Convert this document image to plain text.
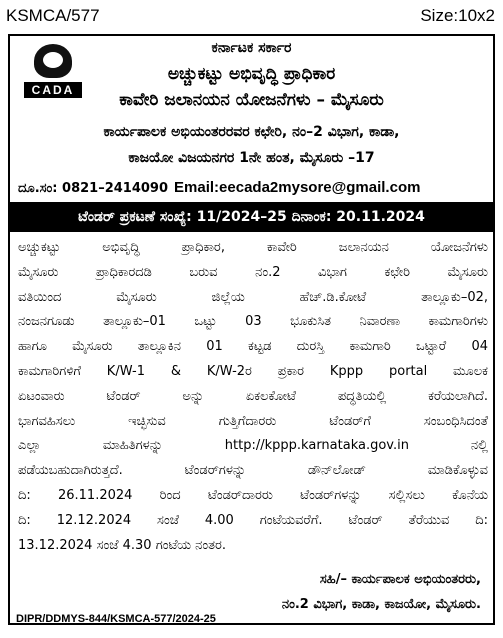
KSMCA/577	Size:10x2
CADA
ಕರ್ನಾಟಕ ಸರ್ಕಾರ
ಅಚ್ಚುಕಟ್ಟು ಅಭಿವೃದ್ಧಿ ಪ್ರಾಧಿಕಾರ
ಕಾವೇರಿ ಜಲಾನಯನ ಯೋಜನೆಗಳು – ಮೈಸೂರು
ಕಾರ್ಯಪಾಲಕ ಅಭಿಯಂತರರವರ ಕಛೇರಿ, ನಂ–2 ವಿಭಾಗ, ಕಾಡಾ,
ಕಾಜಯೋ ವಿಜಯನಗರ 1ನೇ ಹಂತ, ಮೈಸೂರು –17
ದೂ.ಸಂ: 0821–2414090 Email:eecada2mysore@gmail.com
ಟೆಂಡರ್ ಪ್ರಕಟಣೆ ಸಂಖ್ಯೆ: 11/2024–25 ದಿನಾಂಕ: 20.11.2024
ಅಚ್ಚುಕಟ್ಟು ಅಭಿವೃದ್ಧಿ ಪ್ರಾಧಿಕಾರ, ಕಾವೇರಿ ಜಲಾನಯನ ಯೋಜನೆಗಳು
ಮೈಸೂರು ಪ್ರಾಧಿಕಾರದಡಿ ಬರುವ ನಂ.2 ವಿಭಾಗ ಕಛೇರಿ ಮೈಸೂರು
ವತಿಯಿಂದ ಮೈಸೂರು ಜಿಲ್ಲೆಯ ಹೆಚ್.ಡಿ.ಕೋಟೆ ತಾಲ್ಲೂಕು–02,
ನಂಜನಗೂಡು ತಾಲ್ಲೂಕು–01 ಒಟ್ಟು 03 ಭೂಕುಸಿತ ನಿವಾರಣಾ ಕಾಮಗಾರಿಗಳು
ಹಾಗೂ ಮೈಸೂರು ತಾಲ್ಲೂಕಿನ 01 ಕಟ್ಟಡ ದುರಸ್ತಿ ಕಾಮಗಾರಿ ಒಟ್ಟಾರೆ 04
ಕಾಮಗಾರಿಗಳಿಗೆ K/W-1 & K/W-2ರ ಪ್ರಕಾರ Kppp portal ಮೂಲಕ
ಏಟಂವಾರು ಟೆಂಡರ್ ಅನ್ನು ಏಕಲಕೋಟೆ ಪದ್ಧತಿಯಲ್ಲಿ ಕರೆಯಲಾಗಿದೆ.
ಭಾಗವಹಿಸಲು ಇಚ್ಛಿಸುವ ಗುತ್ತಿಗೆದಾರರು ಟೆಂಡರ್‌ಗೆ ಸಂಬಂಧಿಸಿದಂತೆ
ಎಲ್ಲಾ ಮಾಹಿತಿಗಳನ್ನು http://kppp.karnataka.gov.in ನಲ್ಲಿ
ಪಡೆಯಬಹುದಾಗಿರುತ್ತದೆ. ಟೆಂಡರ್‌ಗಳನ್ನು ಡೌನ್‌ಲೋಡ್ ಮಾಡಿಕೊಳ್ಳುವ
ದಿ: 26.11.2024 ರಿಂದ ಟೆಂಡರ್‌ದಾರರು ಟೆಂಡರ್‌ಗಳನ್ನು ಸಲ್ಲಿಸಲು ಕೊನೆಯ
ದಿ: 12.12.2024 ಸಂಜೆ 4.00 ಗಂಟೆಯವರೆಗೆ. ಟೆಂಡರ್ ತೆರೆಯುವ ದಿ:
13.12.2024 ಸಂಜೆ 4.30 ಗಂಟೆಯ ನಂತರ.
ಸಹಿ/– ಕಾರ್ಯಪಾಲಕ ಅಭಿಯಂತರರು,
ನಂ.2 ವಿಭಾಗ, ಕಾಡಾ, ಕಾಜಯೋ, ಮೈಸೂರು.
DIPR/DDMYS-844/KSMCA-577/2024-25
